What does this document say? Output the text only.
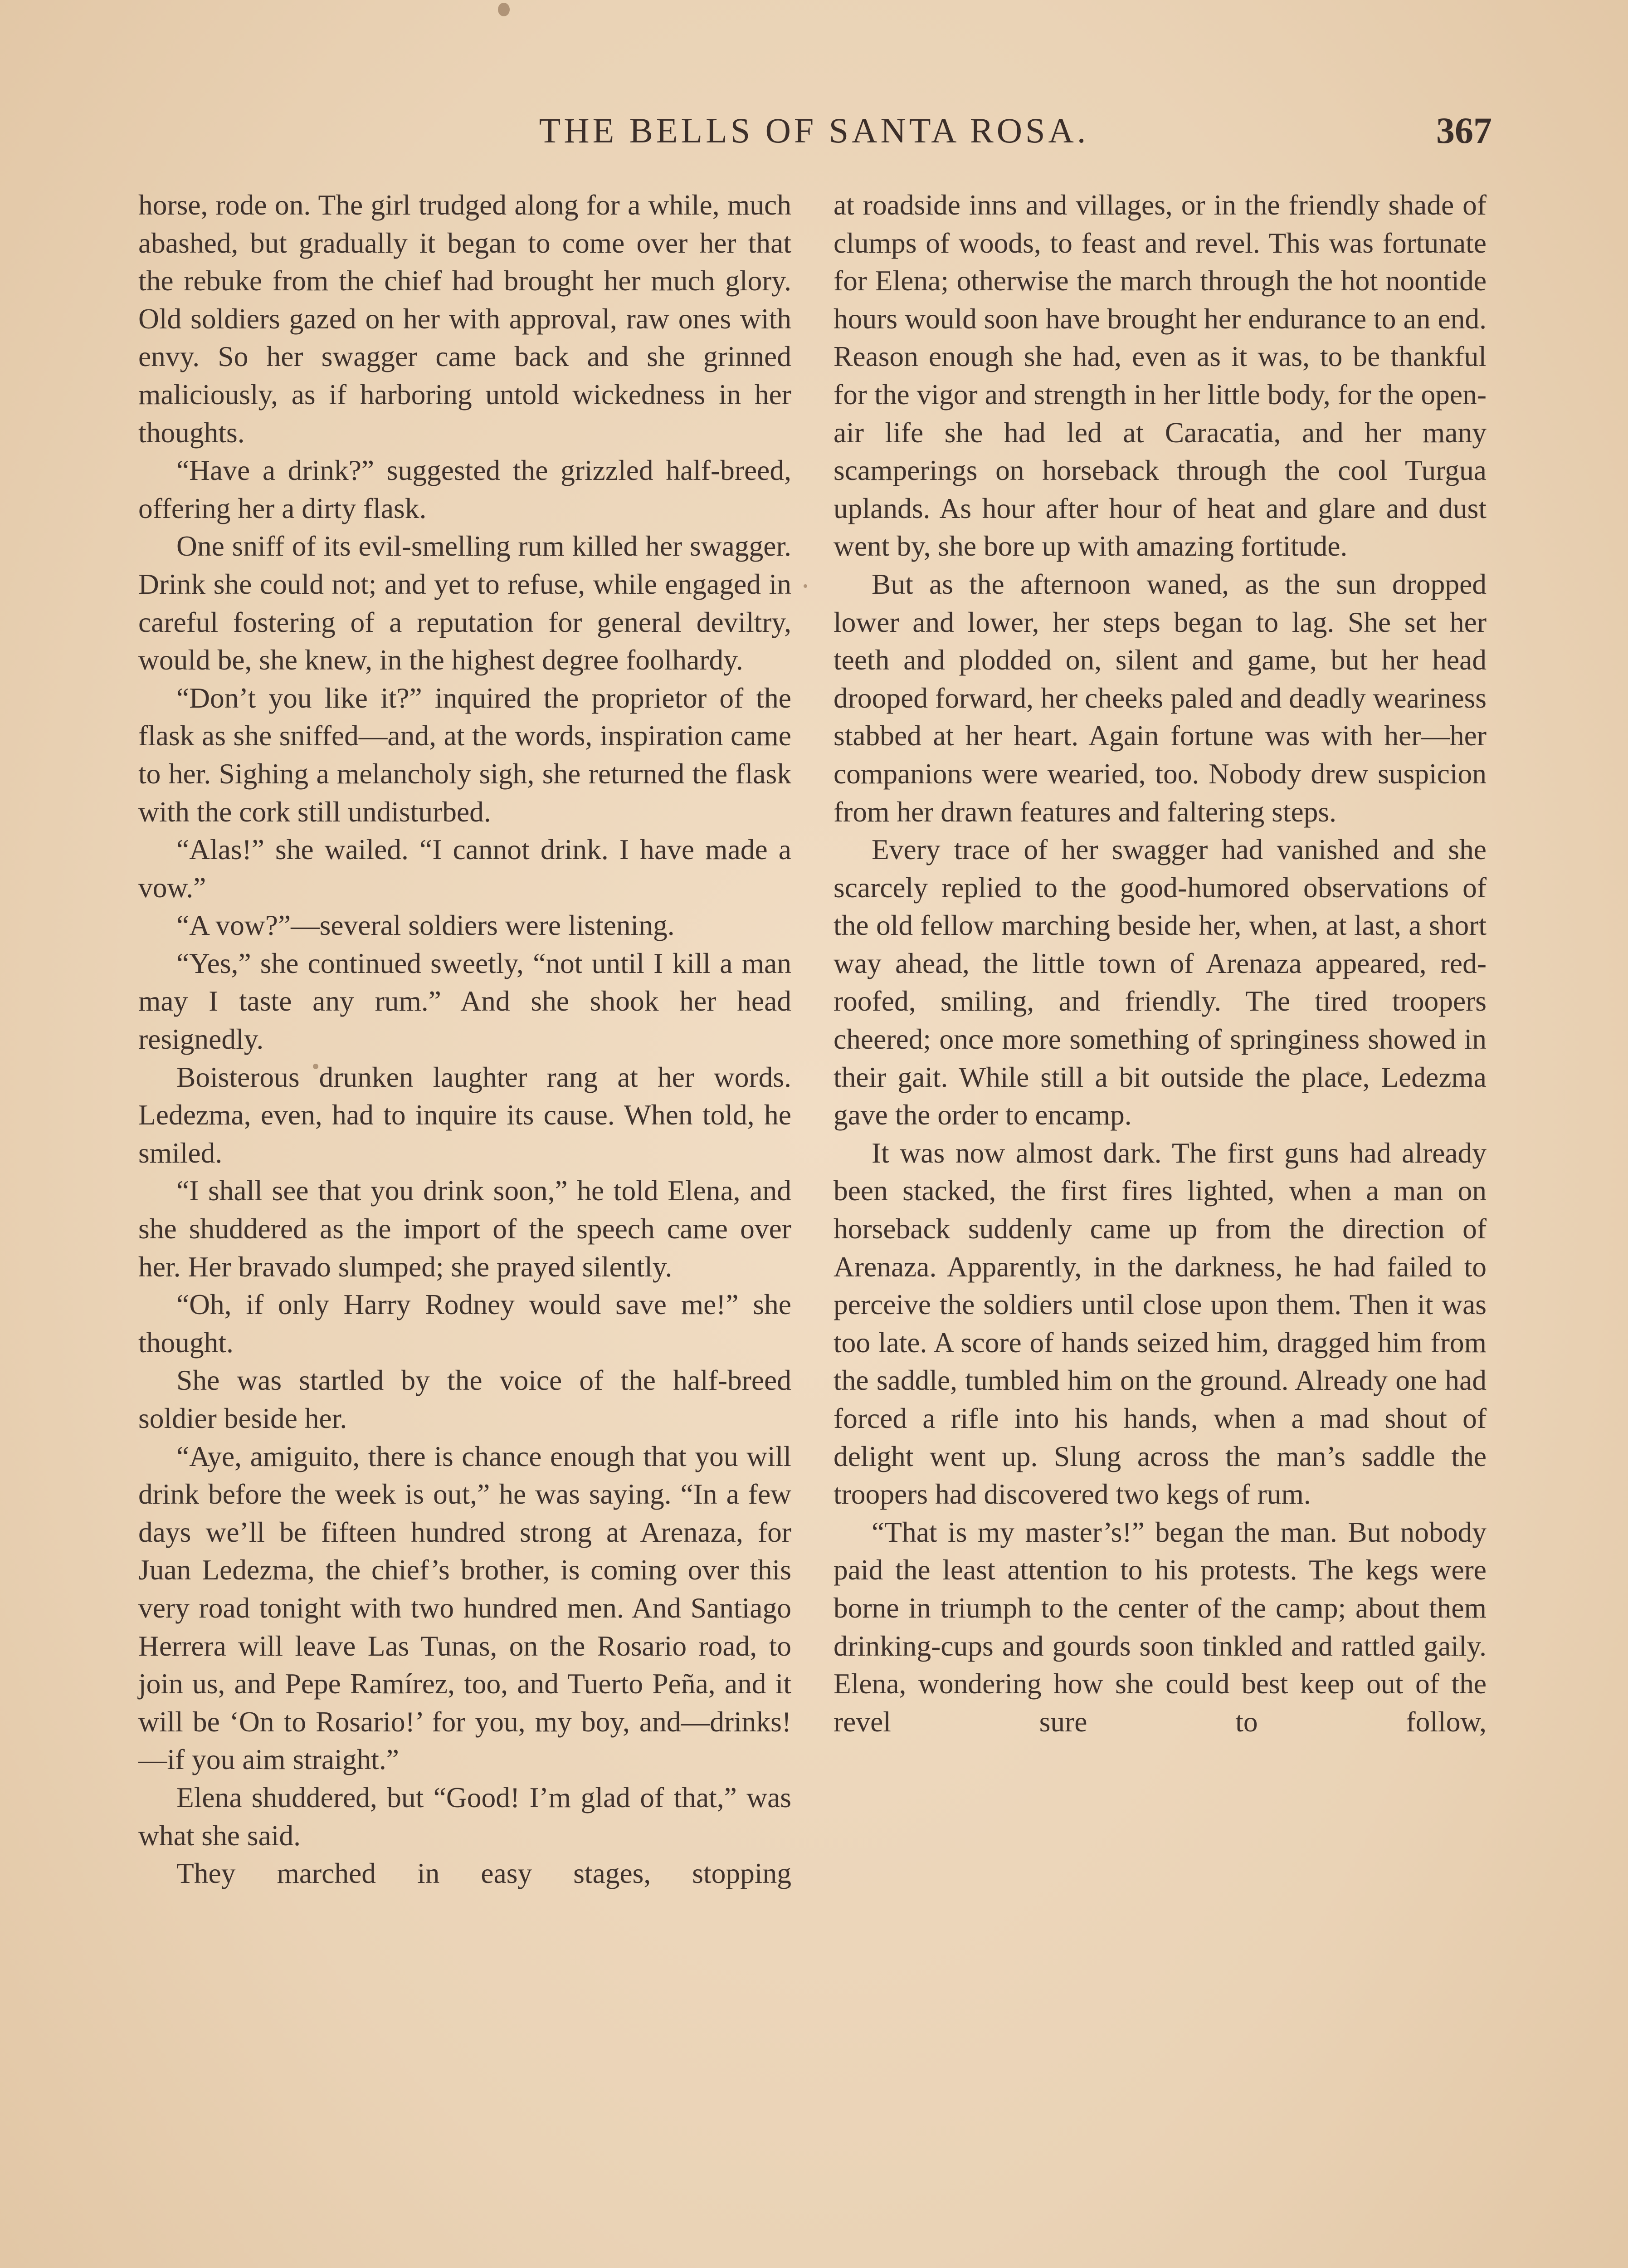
THE BELLS OF SANTA ROSA.	367

horse, rode on. The girl trudged along for a while, much abashed, but gradually it began to come over her that the rebuke from the chief had brought her much glory. Old soldiers gazed on her with approval, raw ones with envy. So her swagger came back and she grinned maliciously, as if harboring untold wickedness in her thoughts.

“Have a drink?” suggested the grizzled half-breed, offering her a dirty flask.

One sniff of its evil-smelling rum killed her swagger. Drink she could not; and yet to refuse, while engaged in careful fostering of a reputation for general deviltry, would be, she knew, in the highest degree foolhardy.

“Don’t you like it?” inquired the proprietor of the flask as she sniffed—and, at the words, inspiration came to her. Sighing a melancholy sigh, she returned the flask with the cork still undisturbed.

“Alas!” she wailed. “I cannot drink. I have made a vow.”

“A vow?”—several soldiers were listening.

“Yes,” she continued sweetly, “not until I kill a man may I taste any rum.” And she shook her head resignedly.

Boisterous drunken laughter rang at her words. Ledezma, even, had to inquire its cause. When told, he smiled.

“I shall see that you drink soon,” he told Elena, and she shuddered as the import of the speech came over her. Her bravado slumped; she prayed silently.

“Oh, if only Harry Rodney would save me!” she thought.

She was startled by the voice of the half-breed soldier beside her.

“Aye, amiguito, there is chance enough that you will drink before the week is out,” he was saying. “In a few days we’ll be fifteen hundred strong at Arenaza, for Juan Ledezma, the chief’s brother, is coming over this very road tonight with two hundred men. And Santiago Herrera will leave Las Tunas, on the Rosario road, to join us, and Pepe Ramírez, too, and Tuerto Peña, and it will be ‘On to Rosario!’ for you, my boy, and—drinks!—if you aim straight.”

Elena shuddered, but “Good! I’m glad of that,” was what she said.

They marched in easy stages, stopping

at roadside inns and villages, or in the friendly shade of clumps of woods, to feast and revel. This was fortunate for Elena; otherwise the march through the hot noontide hours would soon have brought her endurance to an end. Reason enough she had, even as it was, to be thankful for the vigor and strength in her little body, for the open-air life she had led at Caracatia, and her many scamperings on horseback through the cool Turgua uplands. As hour after hour of heat and glare and dust went by, she bore up with amazing fortitude.

But as the afternoon waned, as the sun dropped lower and lower, her steps began to lag. She set her teeth and plodded on, silent and game, but her head drooped forward, her cheeks paled and deadly weariness stabbed at her heart. Again fortune was with her—her companions were wearied, too. Nobody drew suspicion from her drawn features and faltering steps.

Every trace of her swagger had vanished and she scarcely replied to the good-humored observations of the old fellow marching beside her, when, at last, a short way ahead, the little town of Arenaza appeared, red-roofed, smiling, and friendly. The tired troopers cheered; once more something of springiness showed in their gait. While still a bit outside the place, Ledezma gave the order to encamp.

It was now almost dark. The first guns had already been stacked, the first fires lighted, when a man on horseback suddenly came up from the direction of Arenaza. Apparently, in the darkness, he had failed to perceive the soldiers until close upon them. Then it was too late. A score of hands seized him, dragged him from the saddle, tumbled him on the ground. Already one had forced a rifle into his hands, when a mad shout of delight went up. Slung across the man’s saddle the troopers had discovered two kegs of rum.

“That is my master’s!” began the man. But nobody paid the least attention to his protests. The kegs were borne in triumph to the center of the camp; about them drinking-cups and gourds soon tinkled and rattled gaily. Elena, wondering how she could best keep out of the revel sure to follow,
